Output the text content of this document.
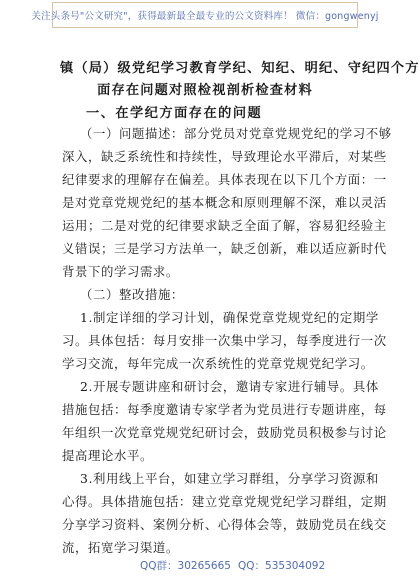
关注头条号"公文研究"，获得最新最全最专业的公文资料库！ 微信：gongwenyj
镇（局）级党纪学习教育学纪、知纪、明纪、守纪四个方
面存在问题对照检视剖析检查材料
一、在学纪方面存在的问题
（一）问题描述：部分党员对党章党规党纪的学习不够
深入，缺乏系统性和持续性，导致理论水平滞后，对某些
纪律要求的理解存在偏差。具体表现在以下几个方面：一
是对党章党规党纪的基本概念和原则理解不深，难以灵活
运用；二是对党的纪律要求缺乏全面了解，容易犯经验主
义错误；三是学习方法单一，缺乏创新，难以适应新时代
背景下的学习需求。
（二）整改措施：
1.制定详细的学习计划，确保党章党规党纪的定期学
习。具体包括：每月安排一次集中学习，每季度进行一次
学习交流，每年完成一次系统性的党章党规党纪学习。
2.开展专题讲座和研讨会，邀请专家进行辅导。具体
措施包括：每季度邀请专家学者为党员进行专题讲座，每
年组织一次党章党规党纪研讨会，鼓励党员积极参与讨论
提高理论水平。
3.利用线上平台，如建立学习群组，分享学习资源和
心得。具体措施包括：建立党章党规党纪学习群组，定期
分享学习资料、案例分析、心得体会等，鼓励党员在线交
流，拓宽学习渠道。
QQ群：30265665 QQ：535304092
